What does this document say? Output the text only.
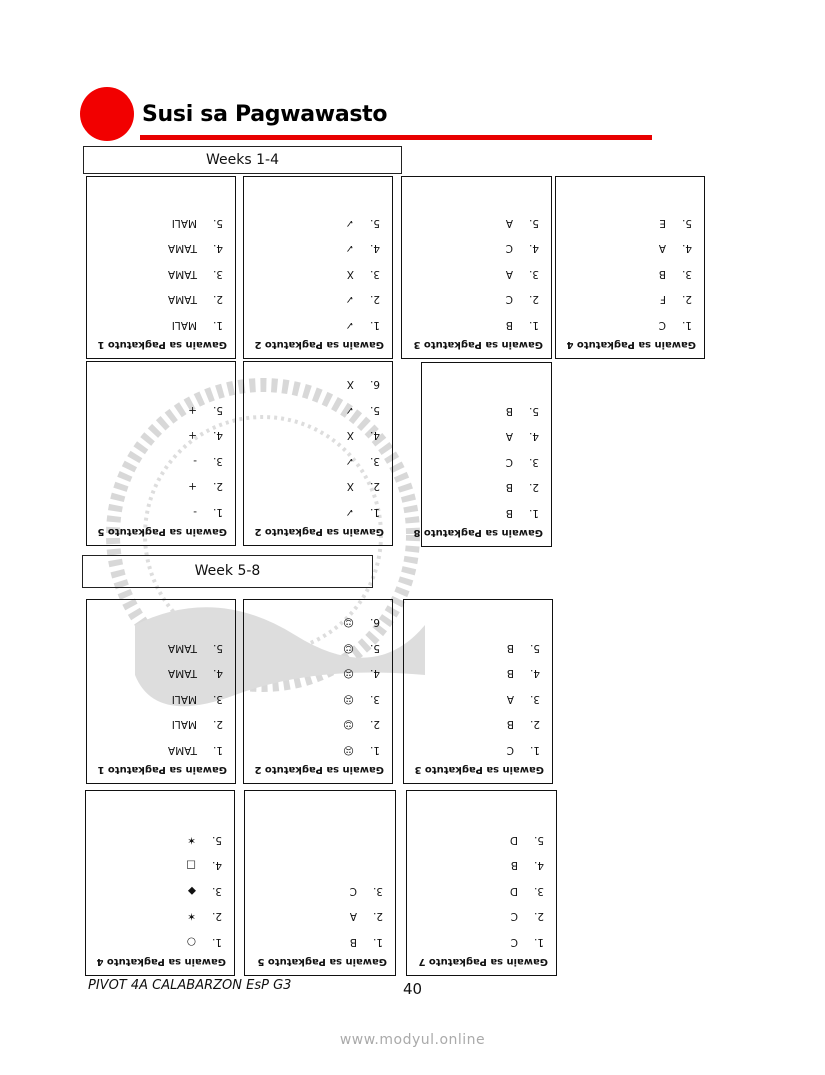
Susi sa Pagwawasto
Weeks 1-4
Week 5-8
Gawain sa Pagkatuto 1
1.MALI
2.TAMA
3.TAMA
4.TAMA
5.MALI
Gawain sa Pagkatuto 2
1.✓
2.✓
3.X
4.✓
5.✓
Gawain sa Pagkatuto 3
1.B
2.C
3.A
4.C
5.A
Gawain sa Pagkatuto 4
1.C
2.F
3.B
4.A
5.E
Gawain sa Pagkatuto 5
1.-
2.+
3.-
4.+
5.+
Gawain sa Pagkatuto 2
1.✓
2.X
3.✓
4.X
5.✓
6.X
Gawain sa Pagkatuto 8
1.B
2.B
3.C
4.A
5.B
Gawain sa Pagkatuto 1
1.TAMA
2.MALI
3.MALI
4.TAMA
5.TAMA
Gawain sa Pagkatuto 2
1.☹
2.☺
3.☹
4.☹
5.☺
6.☺
Gawain sa Pagkatuto 3
1.C
2.B
3.A
4.B
5.B
Gawain sa Pagkatuto 4
1.○
2.✶
3.◆
4.□
5.✶
Gawain sa Pagkatuto 5
1.B
2.A
3.C
Gawain sa Pagkatuto 7
1.C
2.C
3.D
4.B
5.D
PIVOT 4A CALABARZON EsP G3	40
www.modyul.online
